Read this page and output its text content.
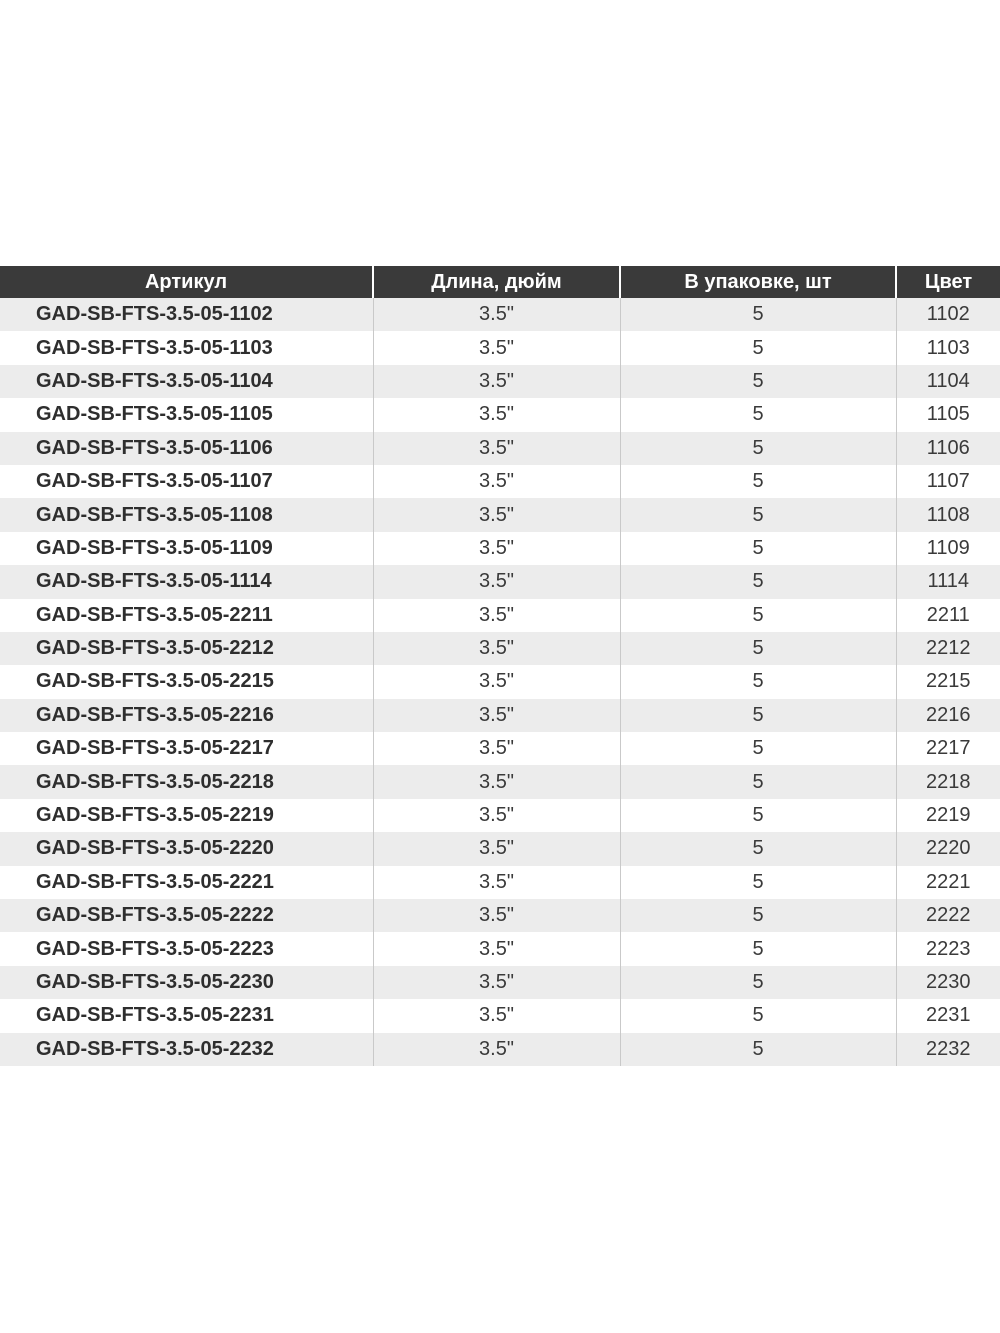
Артикул	Длина, дюйм	В упаковке, шт	Цвет
GAD-SB-FTS-3.5-05-1102	3.5"	5	1102
GAD-SB-FTS-3.5-05-1103	3.5"	5	1103
GAD-SB-FTS-3.5-05-1104	3.5"	5	1104
GAD-SB-FTS-3.5-05-1105	3.5"	5	1105
GAD-SB-FTS-3.5-05-1106	3.5"	5	1106
GAD-SB-FTS-3.5-05-1107	3.5"	5	1107
GAD-SB-FTS-3.5-05-1108	3.5"	5	1108
GAD-SB-FTS-3.5-05-1109	3.5"	5	1109
GAD-SB-FTS-3.5-05-1114	3.5"	5	1114
GAD-SB-FTS-3.5-05-2211	3.5"	5	2211
GAD-SB-FTS-3.5-05-2212	3.5"	5	2212
GAD-SB-FTS-3.5-05-2215	3.5"	5	2215
GAD-SB-FTS-3.5-05-2216	3.5"	5	2216
GAD-SB-FTS-3.5-05-2217	3.5"	5	2217
GAD-SB-FTS-3.5-05-2218	3.5"	5	2218
GAD-SB-FTS-3.5-05-2219	3.5"	5	2219
GAD-SB-FTS-3.5-05-2220	3.5"	5	2220
GAD-SB-FTS-3.5-05-2221	3.5"	5	2221
GAD-SB-FTS-3.5-05-2222	3.5"	5	2222
GAD-SB-FTS-3.5-05-2223	3.5"	5	2223
GAD-SB-FTS-3.5-05-2230	3.5"	5	2230
GAD-SB-FTS-3.5-05-2231	3.5"	5	2231
GAD-SB-FTS-3.5-05-2232	3.5"	5	2232
